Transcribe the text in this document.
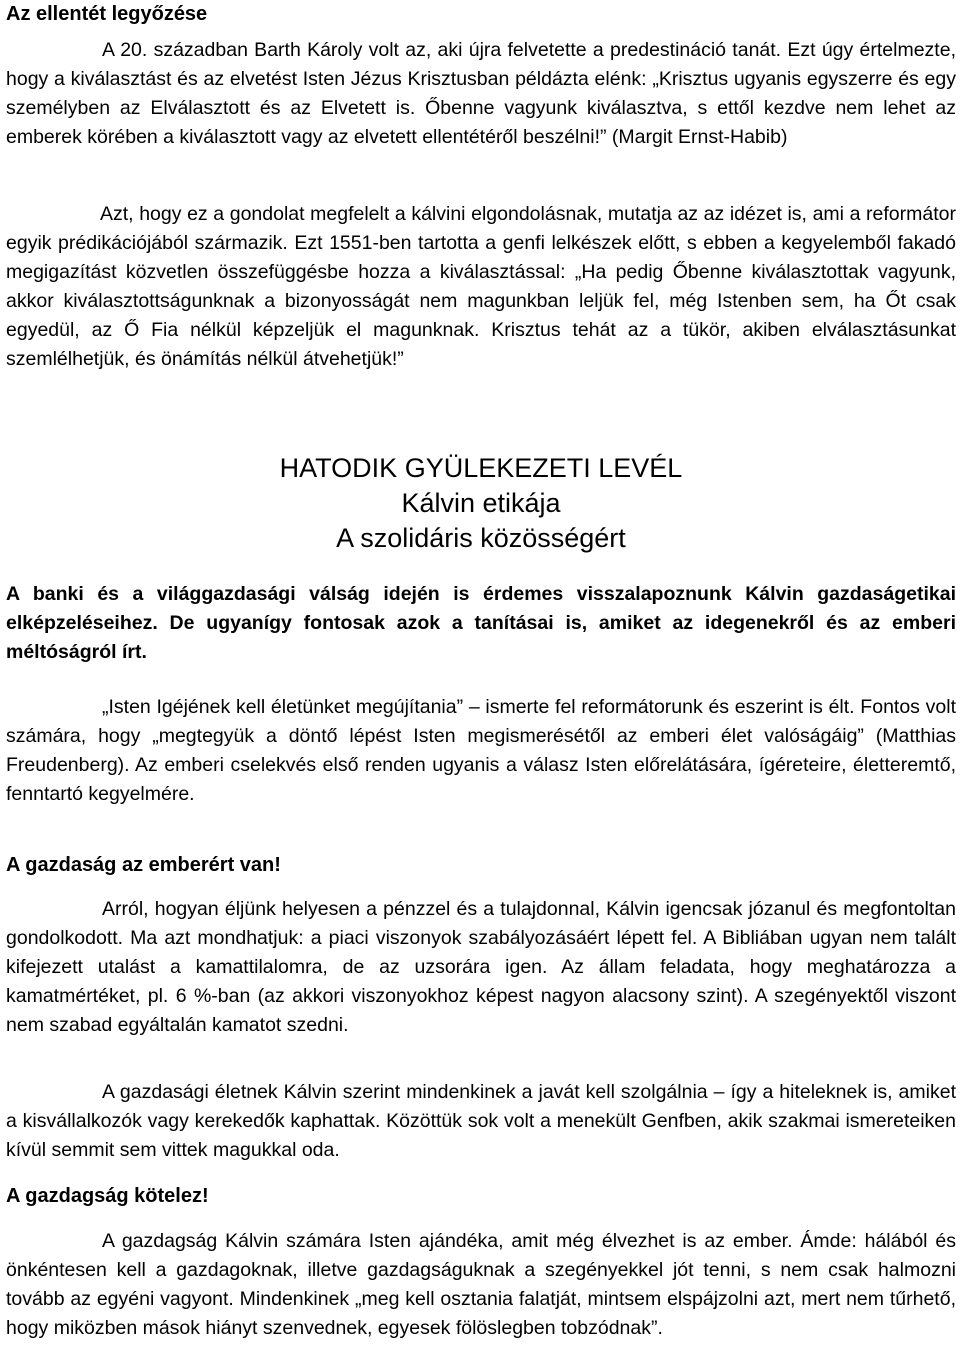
Az ellentét legyőzése

A 20. században Barth Károly volt az, aki újra felvetette a predestináció tanát. Ezt úgy értelmezte, hogy a kiválasztást és az elvetést Isten Jézus Krisztusban példázta elénk: „Krisztus ugyanis egyszerre és egy személyben az Elválasztott és az Elvetett is. Őbenne vagyunk kiválasztva, s ettől kezdve nem lehet az emberek körében a kiválasztott vagy az elvetett ellentétéről beszélni!” (Margit Ernst-Habib)

Azt, hogy ez a gondolat megfelelt a kálvini elgondolásnak, mutatja az az idézet is, ami a reformátor egyik prédikációjából származik. Ezt 1551-ben tartotta a genfi lelkészek előtt, s ebben a kegyelemből fakadó megigazítást közvetlen összefüggésbe hozza a kiválasztással: „Ha pedig Őbenne kiválasztottak vagyunk, akkor kiválasztottságunknak a bizonyosságát nem magunkban leljük fel, még Istenben sem, ha Őt csak egyedül, az Ő Fia nélkül képzeljük el magunknak. Krisztus tehát az a tükör, akiben elválasztásunkat szemlélhetjük, és önámítás nélkül átvehetjük!”

HATODIK GYÜLEKEZETI LEVÉL
Kálvin etikája
A szolidáris közösségért

A banki és a világgazdasági válság idején is érdemes visszalapoznunk Kálvin gazdaságetikai elképzeléseihez. De ugyanígy fontosak azok a tanításai is, amiket az idegenekről és az emberi méltóságról írt.

„Isten Igéjének kell életünket megújítania” – ismerte fel reformátorunk és eszerint is élt. Fontos volt számára, hogy „megtegyük a döntő lépést Isten megismerésétől az emberi élet valóságáig” (Matthias Freudenberg). Az emberi cselekvés első renden ugyanis a válasz Isten előrelátására, ígéreteire, életteremtő, fenntartó kegyelmére.

A gazdaság az emberért van!

Arról, hogyan éljünk helyesen a pénzzel és a tulajdonnal, Kálvin igencsak józanul és megfontoltan gondolkodott. Ma azt mondhatjuk: a piaci viszonyok szabályozásáért lépett fel. A Bibliában ugyan nem talált kifejezett utalást a kamattilalomra, de az uzsorára igen. Az állam feladata, hogy meghatározza a kamatmértéket, pl. 6 %-ban (az akkori viszonyokhoz képest nagyon alacsony szint). A szegényektől viszont nem szabad egyáltalán kamatot szedni.

A gazdasági életnek Kálvin szerint mindenkinek a javát kell szolgálnia – így a hiteleknek is, amiket a kisvállalkozók vagy kerekedők kaphattak. Közöttük sok volt a menekült Genfben, akik szakmai ismereteiken kívül semmit sem vittek magukkal oda.

A gazdagság kötelez!

A gazdagság Kálvin számára Isten ajándéka, amit még élvezhet is az ember. Ámde: hálából és önkéntesen kell a gazdagoknak, illetve gazdagságuknak a szegényekkel jót tenni, s nem csak halmozni tovább az egyéni vagyont. Mindenkinek „meg kell osztania falatját, mintsem elspájzolni azt, mert nem tűrhető, hogy miközben mások hiányt szenvednek, egyesek fölöslegben tobzódnak”.
